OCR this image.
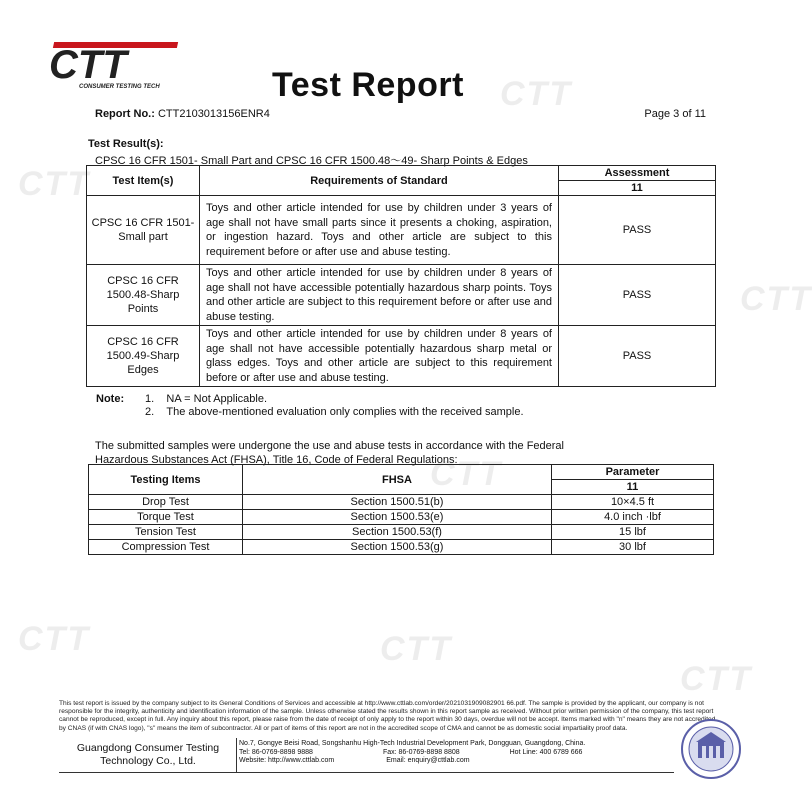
CTT
CTT
CTT
CTT
CTT	CTT
CTT
CTT
CONSUMER TESTING TECH	Test Report
Report No.: CTT2103013156ENR4	Page 3 of 11
Test Result(s):
CPSC 16 CFR 1501- Small Part and CPSC 16 CFR 1500.48〜49- Sharp Points & Edges
Test Item(s)	Requirements of Standard	Assessment
		11
CPSC 16 CFR 1501-Small part	Toys and other article intended for use by children under 3 years of age shall not have small parts since it presents a choking, aspiration, or ingestion hazard. Toys and other article are subject to this requirement before or after use and abuse testing.	PASS
CPSC 16 CFR 1500.48-Sharp Points	Toys and other article intended for use by children under 8 years of age shall not have accessible potentially hazardous sharp points. Toys and other article are subject to this requirement before or after use and abuse testing.	PASS
CPSC 16 CFR 1500.49-Sharp Edges	Toys and other article intended for use by children under 8 years of age shall not have accessible potentially hazardous sharp metal or glass edges. Toys and other article are subject to this requirement before or after use and abuse testing.	PASS
Note:	1. NA = Not Applicable.
2. The above-mentioned evaluation only complies with the received sample.
The submitted samples were undergone the use and abuse tests in accordance with the Federal
Hazardous Substances Act (FHSA), Title 16, Code of Federal Regulations:
Testing Items	FHSA	Parameter
		11
Drop Test	Section 1500.51(b)	10×4.5 ft
Torque Test	Section 1500.53(e)	4.0 inch ·lbf
Tension Test	Section 1500.53(f)	15 lbf
Compression Test	Section 1500.53(g)	30 lbf
This test report is issued by the company subject to its General Conditions of Services and accessible at http://www.cttlab.com/order/2021031909082901 66.pdf. The sample is provided by the applicant, our company is not responsible for the integrity, authenticity and identification information of the sample. Unless otherwise stated the results shown in this report sample as received. Without prior written permission of the company, this test report cannot be reproduced, except in full. Any inquiry about this report, please raise from the date of receipt of only apply to the report within 30 days, overdue will not be accept. Items marked with "n" means they are not accredited by CNAS (if with CNAS logo), "s" means the item of subcontractor. All or part of items of this report are not in the accredited scope of CMA and cannot be as domestic social impartiality proof data.
Guangdong Consumer Testing
Technology Co., Ltd.
No.7, Gongye Beisi Road, Songshanhu High-Tech Industrial Development Park, Dongguan, Guangdong, China.
Tel: 86-0769-8898 9888	Fax: 86-0769-8898 8808	Hot Line: 400 6789 666
Website: http://www.cttlab.com	Email: enquiry@cttlab.com
